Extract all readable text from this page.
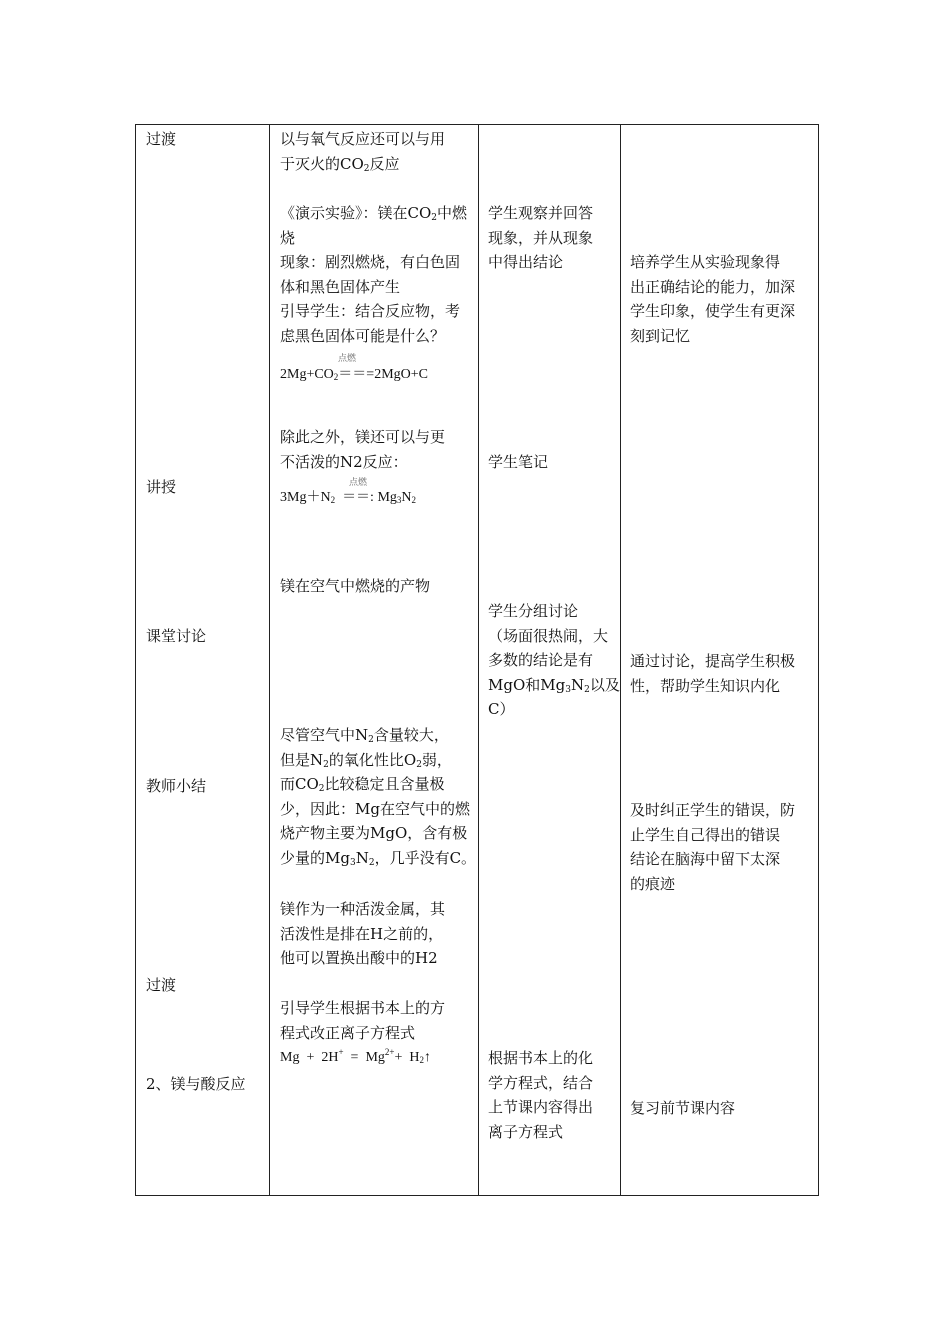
过渡
讲授
课堂讨论
教师小结
过渡
2、镁与酸反应
以与氧气反应还可以与用
于灭火的$CO_2$反应
《演示实验》：镁在$CO_2$中燃
烧
现象：剧烈燃烧，有白色固
体和黑色固体产生
引导学生：结合反应物，考
虑黑色固体可能是什么？
点燃
$2Mg+CO_2===2MgO+C$
除此之外，镁还可以与更
不活泼的N2反应：
点燃
$3Mg+N_2$  ＝＝: $Mg_3N_2$
镁在空气中燃烧的产物
尽管空气中$N_2$含量较大，
但是$N_2$的氧化性比$O_2$弱，
而$CO_2$比较稳定且含量极
少，因此：Mg在空气中的燃
烧产物主要为MgO，含有极
少量的$Mg_3N_2$，几乎没有C。
镁作为一种活泼金属，其
活泼性是排在H之前的，
他可以置换出酸中的H2
引导学生根据书本上的方
程式改正离子方程式
$Mg + 2H^+ = Mg^{2+}+$  $H_2↑$
学生观察并回答
现象，并从现象
中得出结论
学生笔记
学生分组讨论
（场面很热闹，大
多数的结论是有
MgO和$Mg_3N_2$以及
C）
根据书本上的化
学方程式，结合
上节课内容得出
离子方程式
培养学生从实验现象得
出正确结论的能力，加深
学生印象，使学生有更深
刻到记忆
通过讨论，提高学生积极
性，帮助学生知识内化
及时纠正学生的错误，防
止学生自己得出的错误
结论在脑海中留下太深
的痕迹
复习前节课内容
